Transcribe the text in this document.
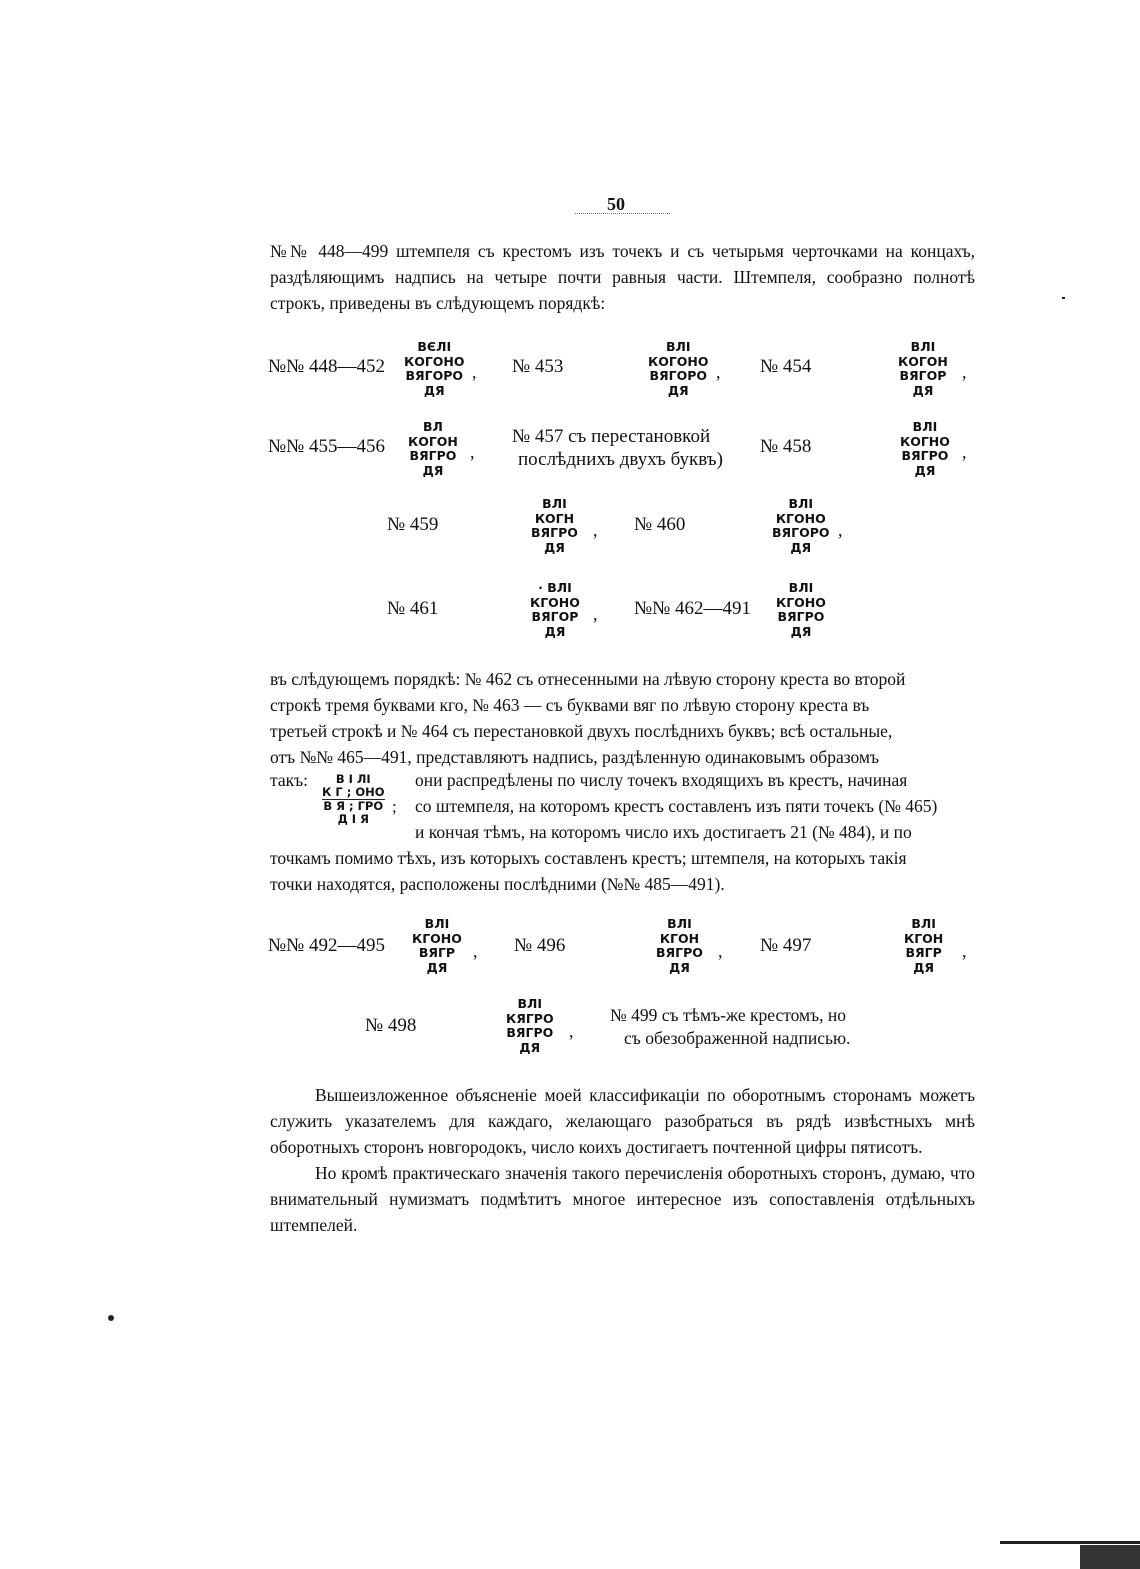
50
№№ 448—499 штемпеля съ крестомъ изъ точекъ и съ четырьмя черточками на концахъ, раздѣляющимъ надпись на четыре почти равныя части. Штемпеля, сообразно полнотѣ строкъ, приведены въ слѣдующемъ порядкѣ:
№№ 448—452
ВЄЛІ
КОГОНО
ВЯГОРО
ДЯ
, № 453
ВЛІ
КОГОНО
ВЯГОРО
ДЯ
, № 454
ВЛІ
КОГОН
ВЯГОР
ДЯ
,
№№ 455—456
ВЛ
КОГОН
ВЯГРО
ДЯ
,
№ 457 съ перестановкой
послѣднихъ двухъ буквъ)
№ 458
ВЛІ
КОГНО
ВЯГРО
ДЯ
,
№ 459
ВЛІ
КОГН
ВЯГРО
ДЯ
, № 460
ВЛІ
КГОНО
ВЯГОРО
ДЯ
,
№ 461
· ВЛІ
КГОНО
ВЯГОР
ДЯ
, №№ 462—491
ВЛІ
КГОНО
ВЯГРО
ДЯ
въ слѣдующемъ порядкѣ: № 462 съ отнесенными на лѣвую сторону креста во второй
строкѣ тремя буквами кго, № 463 — съ буквами вяг по лѣвую сторону креста въ
третьей строкѣ и № 464 съ перестановкой двухъ послѣднихъ буквъ; всѣ остальные,
отъ №№ 465—491, представляютъ надпись, раздѣленную одинаковымъ образомъ
такъ:	В І ЛІ
К Г ; ОНО
В Я ; ГРО
Д І Я
;
они распредѣлены по числу точекъ входящихъ въ крестъ, начиная
со штемпеля, на которомъ крестъ составленъ изъ пяти точекъ (№ 465)
и кончая тѣмъ, на которомъ число ихъ достигаетъ 21 (№ 484), и по
точкамъ помимо тѣхъ, изъ которыхъ составленъ крестъ; штемпеля, на которыхъ такія
точки находятся, расположены послѣдними (№№ 485—491).
№№ 492—495
ВЛІ
КГОНО
ВЯГР
ДЯ
, № 496
ВЛІ
КГОН
ВЯГРО
ДЯ
, № 497
ВЛІ
КГОН
ВЯГР
ДЯ
,
№ 498
ВЛІ
КЯГРО
ВЯГРО
ДЯ
,
№ 499 съ тѣмъ-же крестомъ, но
съ обезображенной надписью.

Вышеизложенное объясненіе моей классификаціи по оборотнымъ сторонамъ можетъ служить указателемъ для каждаго, желающаго разобраться въ рядѣ извѣстныхъ мнѣ оборотныхъ сторонъ новгородокъ, число коихъ достигаетъ почтенной цифры пятисотъ.

Но кромѣ практическаго значенія такого перечисленія оборотныхъ сторонъ, думаю, что внимательный нумизматъ подмѣтитъ многое интересное изъ сопоставленія отдѣльныхъ штемпелей.
